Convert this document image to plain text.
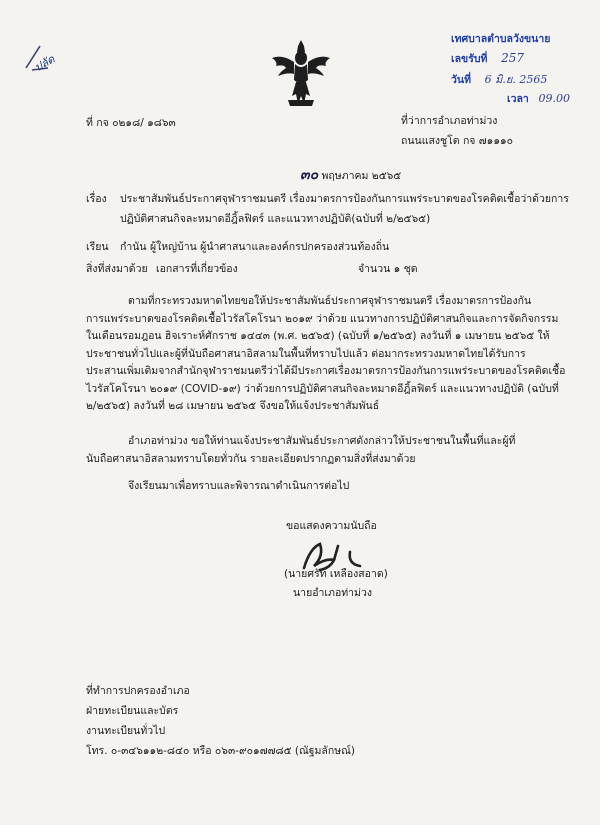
ปลัด
ที่ กจ ๐๒๑๘/ ๑๘๖๓	ที่ว่าการอำเภอท่าม่วง
ถนนแสงชูโต กจ ๗๑๑๑๐
เทศบาลตำบลวังขนาย
เลขรับที่ 257
วันที่ 6 มิ.ย. 2565
เวลา 09.00
๓๐ พฤษภาคม ๒๕๖๕
เรื่อง ประชาสัมพันธ์ประกาศจุฬาราชมนตรี เรื่องมาตรการป้องกันการแพร่ระบาดของโรคติดเชื้อว่าด้วยการ
ปฏิบัติศาสนกิจละหมาดอีฎิ้ลฟิตร์ และแนวทางปฏิบัติ(ฉบับที่ ๒/๒๕๖๕)
เรียน กำนัน ผู้ใหญ่บ้าน ผู้นำศาสนาและองค์กรปกครองส่วนท้องถิ่น
สิ่งที่ส่งมาด้วย เอกสารที่เกี่ยวข้อง	จำนวน ๑ ชุด
ตามที่กระทรวงมหาดไทยขอให้ประชาสัมพันธ์ประกาศจุฬาราชมนตรี เรื่องมาตรการป้องกัน
การแพร่ระบาดของโรคติดเชื้อไวรัสโคโรนา ๒๐๑๙ ว่าด้วย แนวทางการปฏิบัติศาสนกิจและการจัดกิจกรรม
ในเดือนรอมฎอน ฮิจเราะห์ศักราช ๑๔๔๓ (พ.ศ. ๒๕๖๕) (ฉบับที่ ๑/๒๕๖๕) ลงวันที่ ๑ เมษายน ๒๕๖๕ ให้
ประชาชนทั่วไปและผู้ที่นับถือศาสนาอิสลามในพื้นที่ทราบไปแล้ว ต่อมากระทรวงมหาดไทยได้รับการ
ประสานเพิ่มเติมจากสำนักจุฬาราชมนตรีว่าได้มีประกาศเรื่องมาตรการป้องกันการแพร่ระบาดของโรคติดเชื้อ
ไวรัสโคโรนา ๒๐๑๙ (COVID-๑๙) ว่าด้วยการปฏิบัติศาสนกิจละหมาดอีฎิ้ลฟิตร์ และแนวทางปฏิบัติ (ฉบับที่
๒/๒๕๖๕) ลงวันที่ ๒๘ เมษายน ๒๕๖๕ จึงขอให้แจ้งประชาสัมพันธ์
อำเภอท่าม่วง ขอให้ท่านแจ้งประชาสัมพันธ์ประกาศดังกล่าวให้ประชาชนในพื้นที่และผู้ที่
นับถือศาสนาอิสลามทราบโดยทั่วกัน รายละเอียดปรากฏตามสิ่งที่ส่งมาด้วย
จึงเรียนมาเพื่อทราบและพิจารณาดำเนินการต่อไป
ขอแสดงความนับถือ
(นายศรัท เหลืองสอาด)
นายอำเภอท่าม่วง
ที่ทำการปกครองอำเภอ
ฝ่ายทะเบียนและบัตร
งานทะเบียนทั่วไป
โทร. ๐-๓๔๖๑๑๒-๘๔๐ หรือ ๐๖๓-๙๐๑๗๗๘๕ (ณัฐมลักษณ์)
